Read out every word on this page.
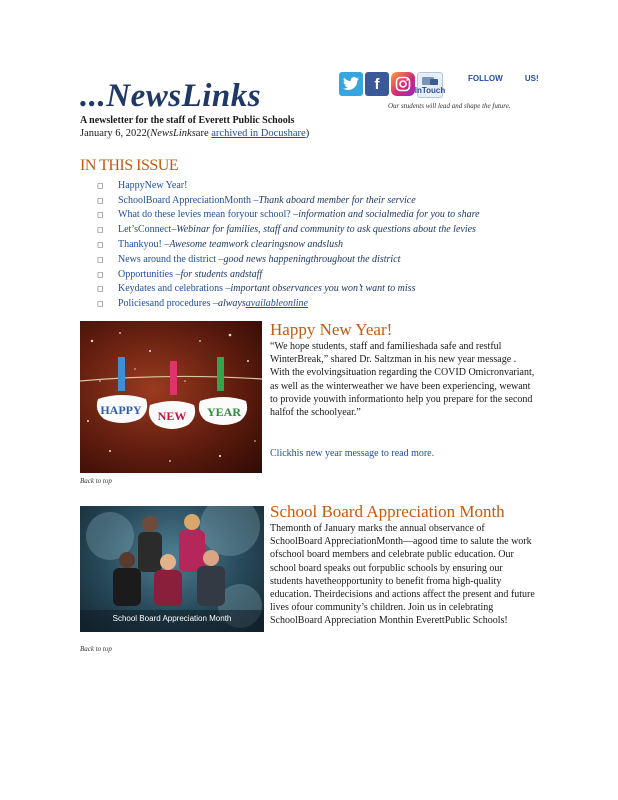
...NewsLinks
A newsletter for the staff of Everett Public Schools
January 6, 2022(NewsLinksare archived in Docushare)
f	InTouch
FOLLOW US!
Our students will lead and shape the future.
IN THIS ISSUE
◻	HappyNew Year!
◻	SchoolBoard AppreciationMonth – Thank aboard member for their service
◻	What do these levies mean foryour school? – information and socialmedia for you to share
◻	Let’sConnect– Webinar for families, staff and community to ask questions about the levies
◻	Thankyou! – Awesome teamwork clearingsnow andslush
◻	News around the district – good news happeningthroughout the district
◻	Opportunities – for students andstaff
◻	Keydates and celebrations – important observances you won’t want to miss
◻	Policiesand procedures – always availableonline
HAPPY	NEW	YEAR
Back to top
Happy New Year!
“We hope students, staff and familieshada safe and restful WinterBreak,” shared Dr. Saltzman in his new year message . With the evolvingsituation regarding the COVID Omicronvariant, as well as the winterweather we have been experiencing, wewant to provide youwith informationto help you prepare for the second halfof the schoolyear.”
Clickhis new year message to read more.
School Board Appreciation Month
Back to top
School Board Appreciation Month
Themonth of January marks the annual observance of SchoolBoard AppreciationMonth—agood time to salute the work ofschool board members and celebrate public education. Our school board speaks out forpublic schools by ensuring our students havetheopportunity to benefit froma high-quality education. Theirdecisions and actions affect the present and future lives ofour community’s children. Join us in celebrating SchoolBoard Appreciation Monthin EverettPublic Schools!
